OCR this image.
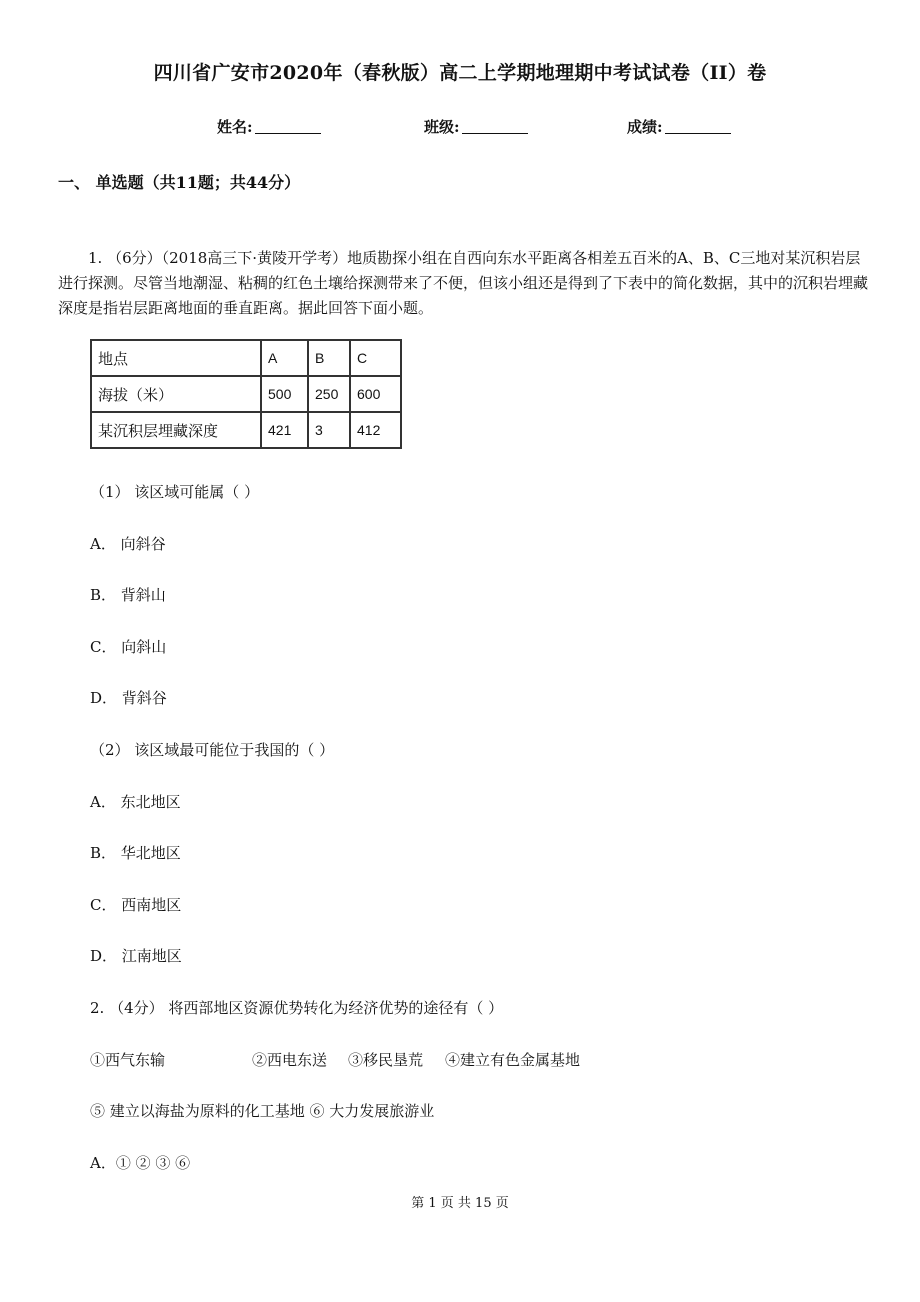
四川省广安市2020年（春秋版）高二上学期地理期中考试试卷（II）卷
姓名:	班级:	成绩:
一、 单选题（共11题；共44分）
1. （6分）（2018高三下·黄陵开学考）地质勘探小组在自西向东水平距离各相差五百米的A、B、C三地对某沉积岩层进行探测。尽管当地潮湿、粘稠的红色土壤给探测带来了不便，但该小组还是得到了下表中的简化数据，其中的沉积岩埋藏深度是指岩层距离地面的垂直距离。据此回答下面小题。
地点	A	B	C
海拔（米）	500	250	600
某沉积层埋藏深度	421	3	412
（1） 该区域可能属（ ）
A． 向斜谷
B． 背斜山
C． 向斜山
D． 背斜谷
（2） 该区域最可能位于我国的（ ）
A． 东北地区
B． 华北地区
C． 西南地区
D． 江南地区
2. （4分） 将西部地区资源优势转化为经济优势的途径有（ ）
①西气东输	②西电东送 ③移民垦荒 ④建立有色金属基地
⑤ 建立以海盐为原料的化工基地 ⑥ 大力发展旅游业
A．① ② ③ ⑥
第 1 页 共 15 页
